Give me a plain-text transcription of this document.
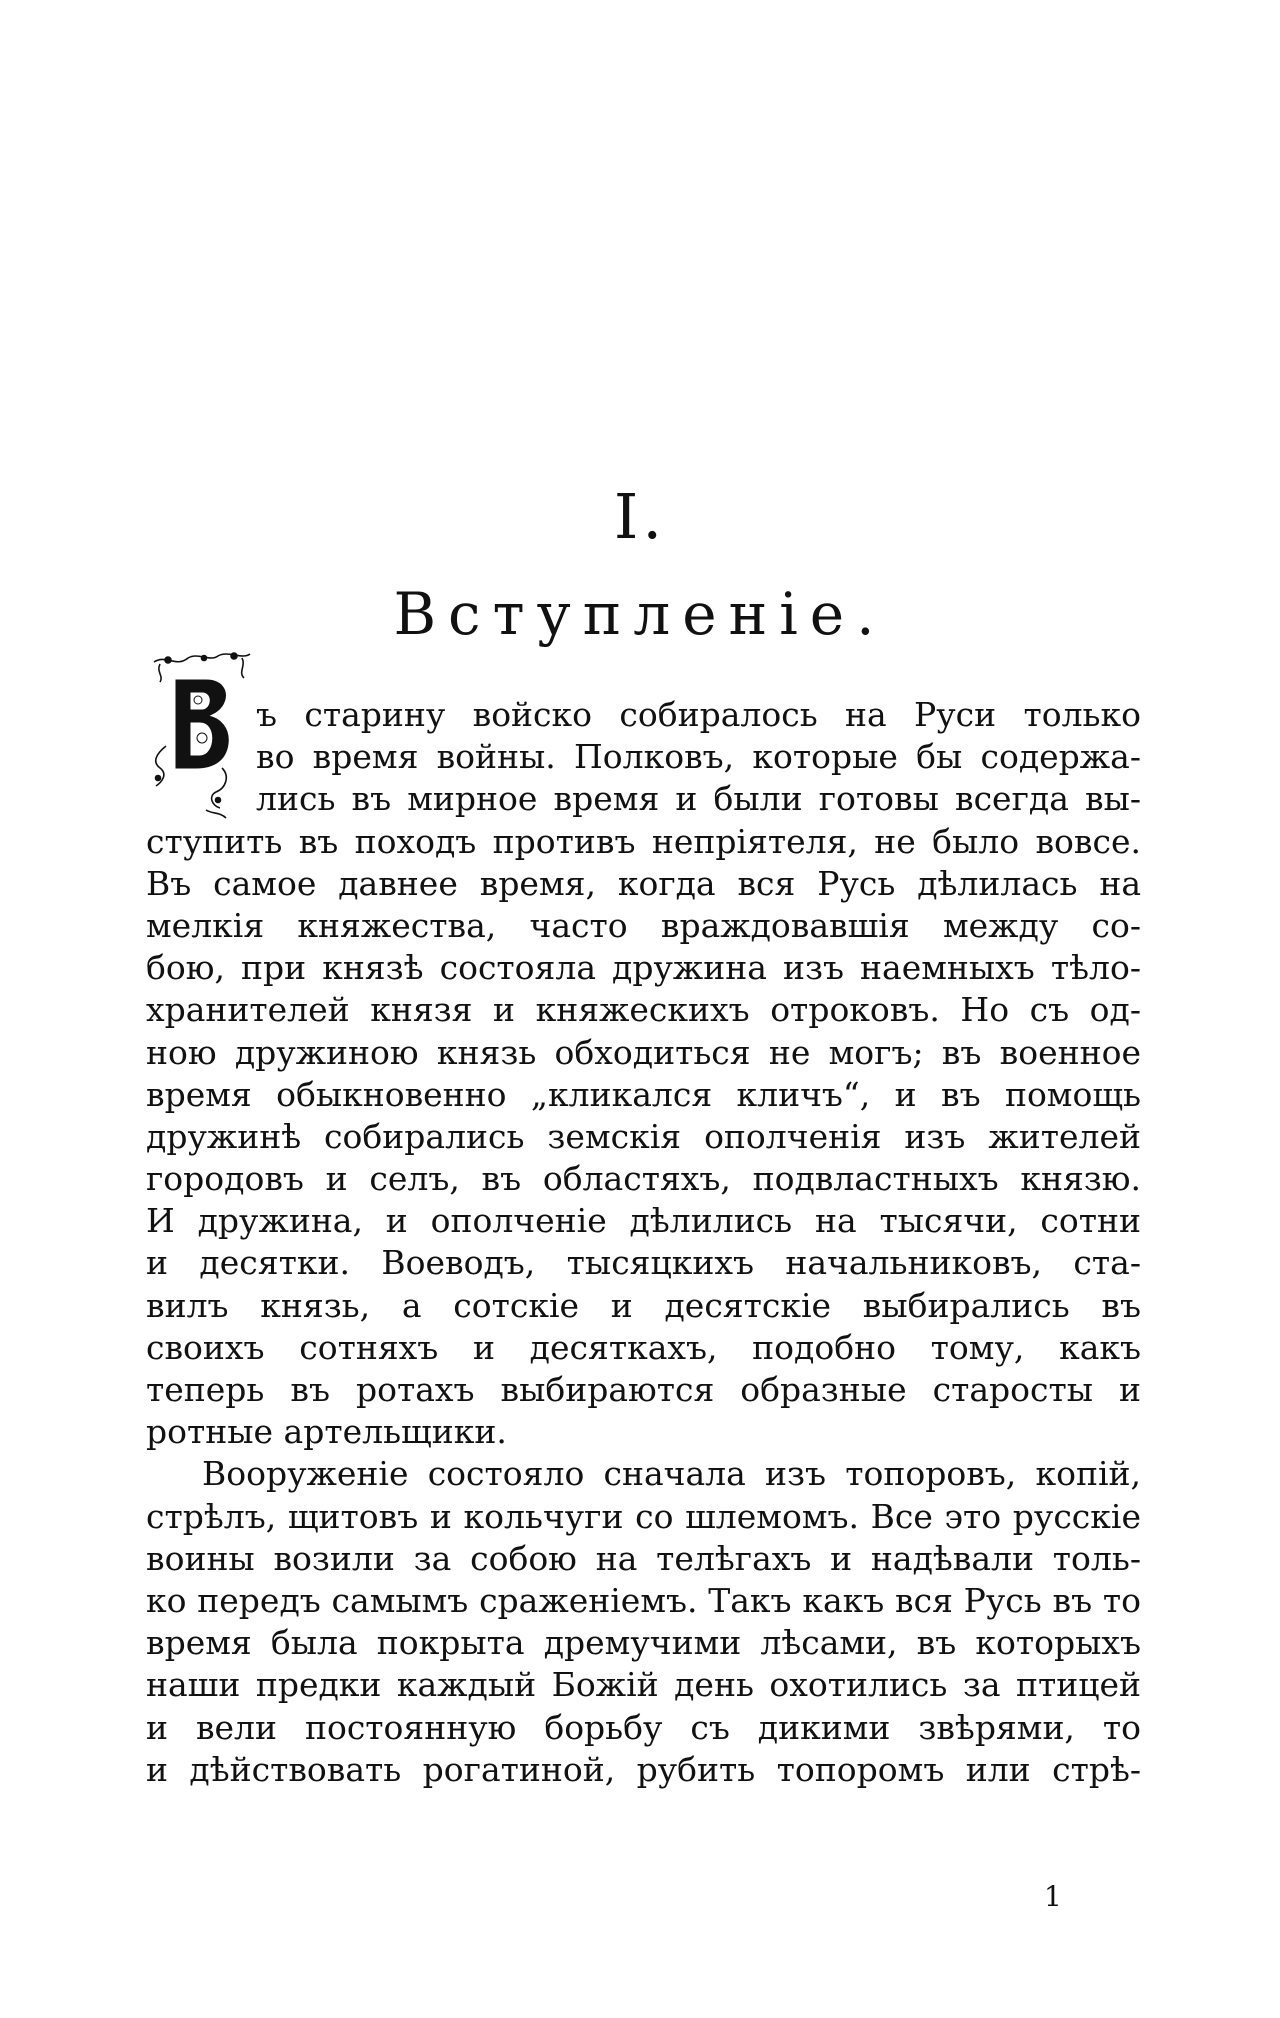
I.
Вступленіе.
В
ъ старину войско собиралось на Руси только
во время войны. Полковъ, которые бы содержа-
лись въ мирное время и были готовы всегда вы-
ступить въ походъ противъ непріятеля, не было вовсе.
Въ самое давнее время, когда вся Русь дѣлилась на
мелкія княжества, часто враждовавшія между со-
бою, при князѣ состояла дружина изъ наемныхъ тѣло-
хранителей князя и княжескихъ отроковъ. Но съ од-
ною дружиною князь обходиться не могъ; въ военное
время обыкновенно „кликался кличъ“, и въ помощь
дружинѣ собирались земскія ополченія изъ жителей
городовъ и селъ, въ областяхъ, подвластныхъ князю.
И дружина, и ополченіе дѣлились на тысячи, сотни
и десятки. Воеводъ, тысяцкихъ начальниковъ, ста-
вилъ князь, а сотскіе и десятскіе выбирались въ
своихъ сотняхъ и десяткахъ, подобно тому, какъ
теперь въ ротахъ выбираются образные старосты и
ротные артельщики.
Вооруженіе состояло сначала изъ топоровъ, копій,
стрѣлъ, щитовъ и кольчуги со шлемомъ. Все это русскіе
воины возили за собою на телѣгахъ и надѣвали толь-
ко передъ самымъ сраженіемъ. Такъ какъ вся Русь въ то
время была покрыта дремучими лѣсами, въ которыхъ
наши предки каждый Божій день охотились за птицей
и вели постоянную борьбу съ дикими звѣрями, то
и дѣйствовать рогатиной, рубить топоромъ или стрѣ-
1
